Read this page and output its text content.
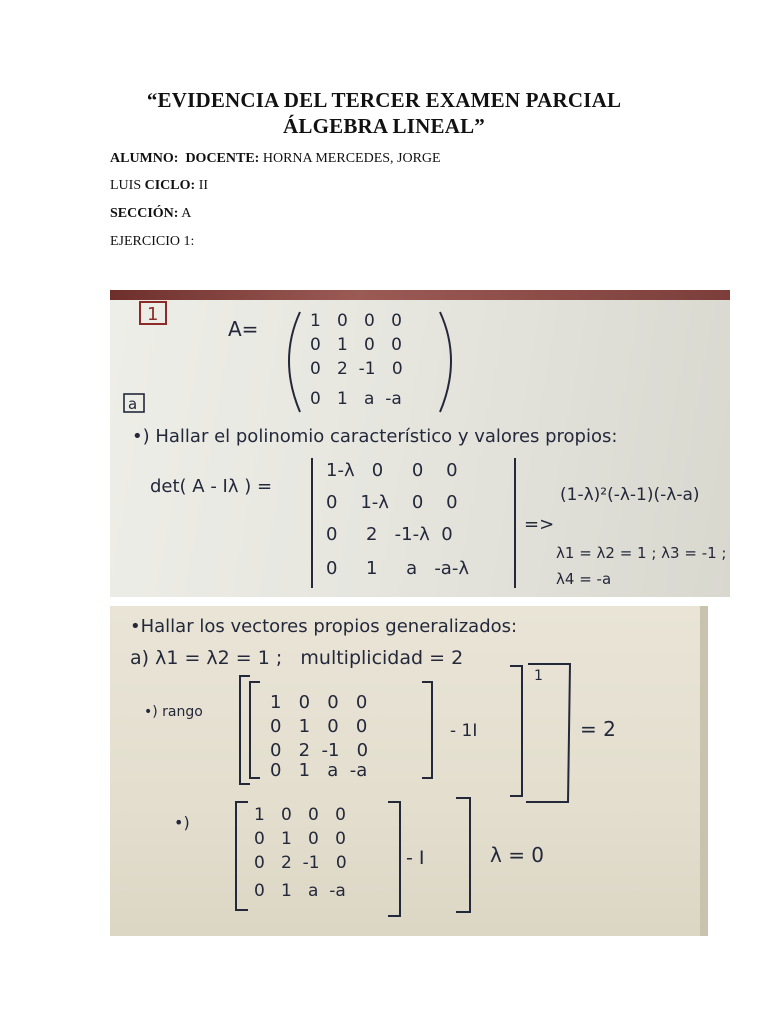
“EVIDENCIA DEL TERCER EXAMEN PARCIAL
ÁLGEBRA LINEAL”
ALUMNO: DOCENTE: HORNA MERCEDES, JORGE
LUIS CICLO: II
SECCIÓN: A
EJERCICIO 1:
1
A=	1   0   0   0
0   1   0   0
0   2  -1   0
0   1   a  -a
a
•) Hallar el polinomio característico y valores propios:
det( A - Iλ ) =
1-λ   0     0    0
0    1-λ    0    0
0     2   -1-λ  0
0     1     a   -a-λ
=>
(1-λ)²(-λ-1)(-λ-a)
λ1 = λ2 = 1 ; λ3 = -1 ;
λ4 = -a
•Hallar los vectores propios generalizados:
a) λ1 = λ2 = 1 ;   multiplicidad = 2
•) rango	1   0   0   0
0   1   0   0
0   2  -1   0
0   1   a  -a
- 1I
1
= 2
•)	1   0   0   0
0   1   0   0
0   2  -1   0
0   1   a  -a
- I	λ = 0
